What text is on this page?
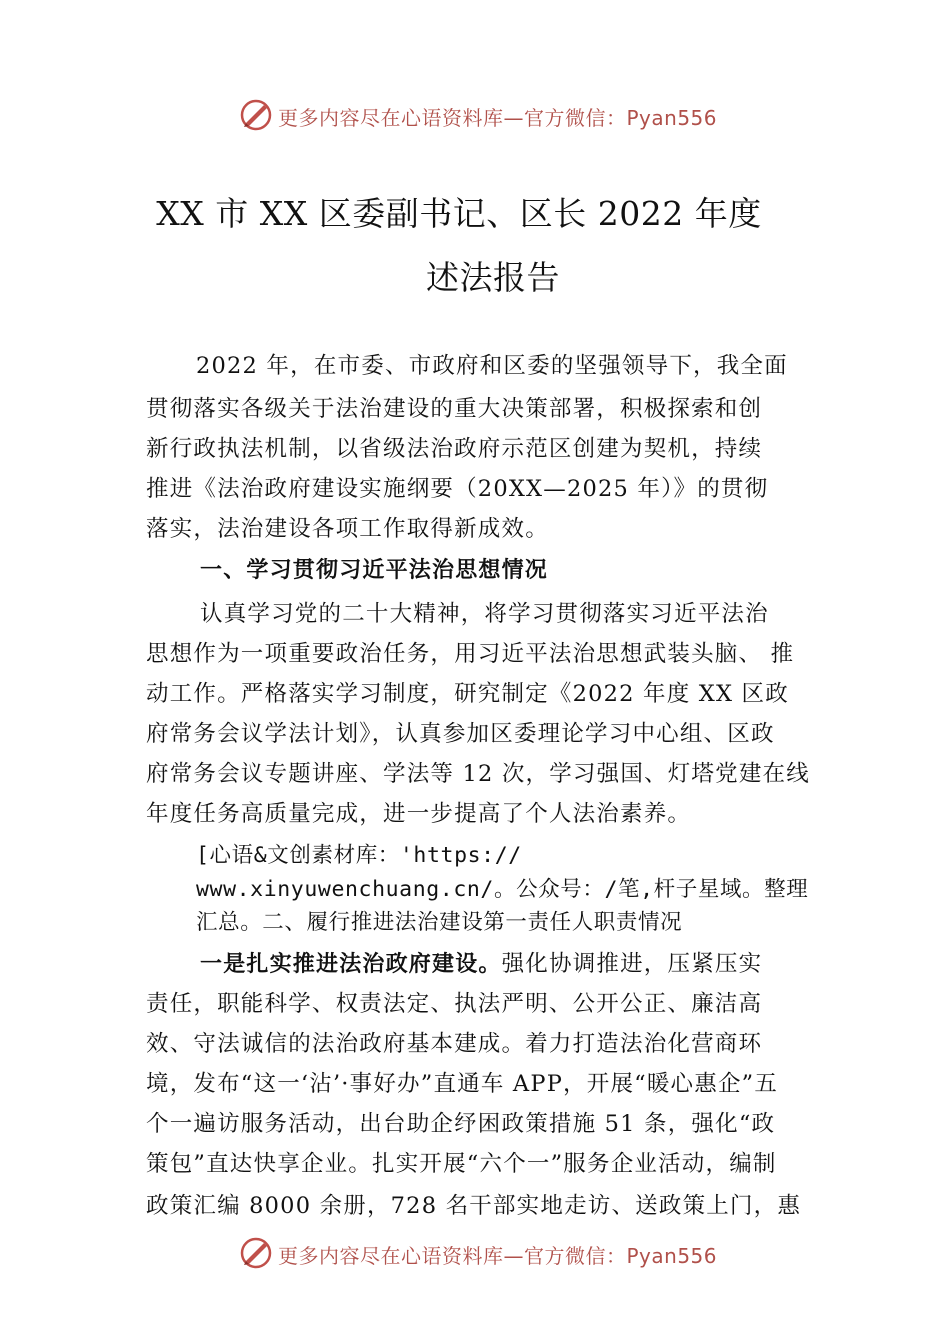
更多内容尽在心语资料库—官方微信：Pyan556
XX 市 XX 区委副书记、区长 2022 年度
述法报告
2022 年，在市委、市政府和区委的坚强领导下，我全面
贯彻落实各级关于法治建设的重大决策部署，积极探索和创
新行政执法机制，以省级法治政府示范区创建为契机，持续
推进《法治政府建设实施纲要（20XX—2025 年）》的贯彻
落实，法治建设各项工作取得新成效。
一、学习贯彻习近平法治思想情况
认真学习党的二十大精神，将学习贯彻落实习近平法治
思想作为一项重要政治任务，用习近平法治思想武装头脑、 推
动工作。严格落实学习制度，研究制定《2022 年度 XX 区政
府常务会议学法计划》，认真参加区委理论学习中心组、区政
府常务会议专题讲座、学法等 12 次，学习强国、灯塔党建在线
年度任务高质量完成，进一步提高了个人法治素养。
[心语&文创素材库：'https://
www.xinyuwenchuang.cn/。公众号：/笔,杆子星域。整理
汇总。二、履行推进法治建设第一责任人职责情况
一是扎实推进法治政府建设。强化协调推进，压紧压实
责任，职能科学、权责法定、执法严明、公开公正、廉洁高
效、守法诚信的法治政府基本建成。着力打造法治化营商环
境，发布“这一‘沾’·事好办”直通车 APP，开展“暖心惠企”五
个一遍访服务活动，出台助企纾困政策措施 51 条，强化“政
策包”直达快享企业。扎实开展“六个一”服务企业活动，编制
政策汇编 8000 余册，728 名干部实地走访、送政策上门，惠
更多内容尽在心语资料库—官方微信：Pyan556
